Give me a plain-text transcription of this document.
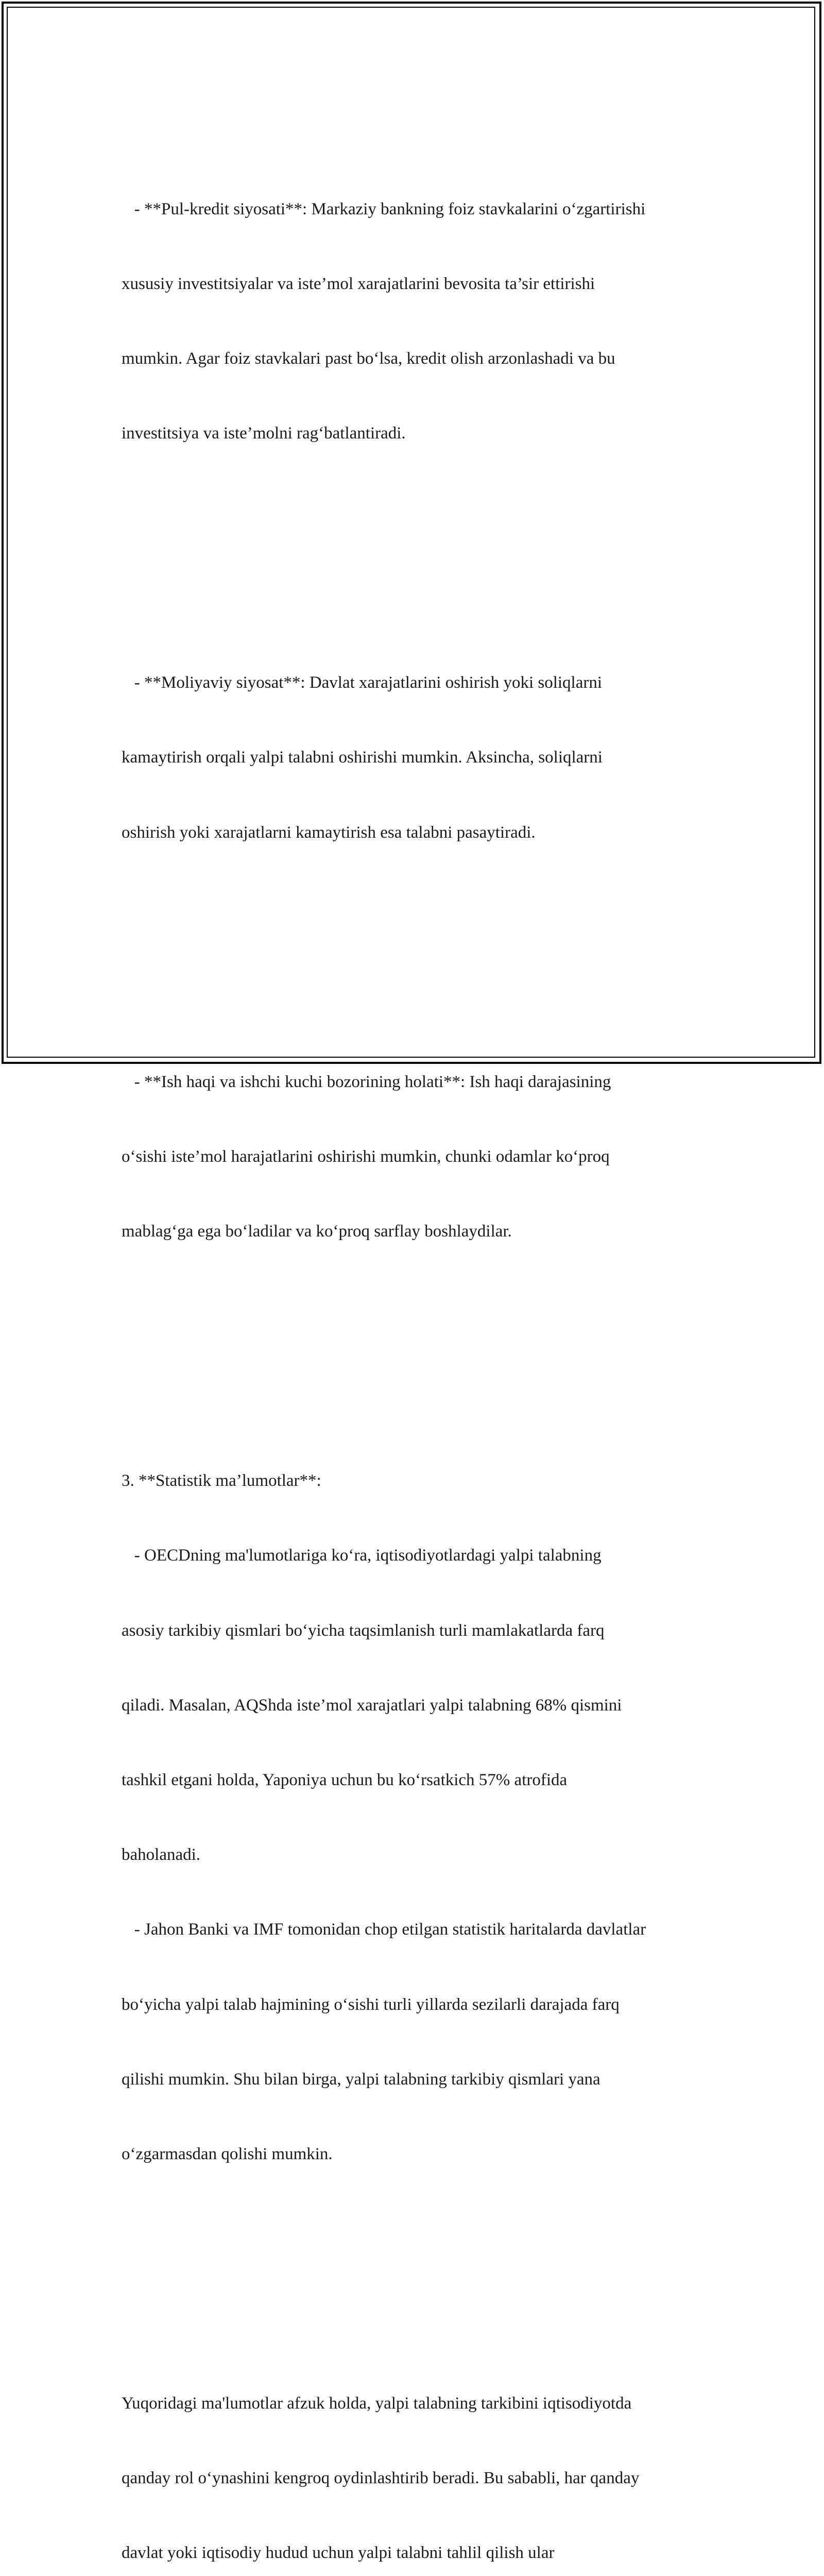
- **Pul-kredit siyosati**: Markaziy bankning foiz stavkalarini o‘zgartirishi

xususiy investitsiyalar va iste’mol xarajatlarini bevosita ta’sir ettirishi

mumkin. Agar foiz stavkalari past bo‘lsa, kredit olish arzonlashadi va bu

investitsiya va iste’molni rag‘batlantiradi.

- **Moliyaviy siyosat**: Davlat xarajatlarini oshirish yoki soliqlarni

kamaytirish orqali yalpi talabni oshirishi mumkin. Aksincha, soliqlarni

oshirish yoki xarajatlarni kamaytirish esa talabni pasaytiradi.

- **Ish haqi va ishchi kuchi bozorining holati**: Ish haqi darajasining

o‘sishi iste’mol harajatlarini oshirishi mumkin, chunki odamlar ko‘proq

mablag‘ga ega bo‘ladilar va ko‘proq sarflay boshlaydilar.

3. **Statistik ma’lumotlar**:

- OECDning ma'lumotlariga ko‘ra, iqtisodiyotlardagi yalpi talabning

asosiy tarkibiy qismlari bo‘yicha taqsimlanish turli mamlakatlarda farq

qiladi. Masalan, AQShda iste’mol xarajatlari yalpi talabning 68% qismini

tashkil etgani holda, Yaponiya uchun bu ko‘rsatkich 57% atrofida

baholanadi.

- Jahon Banki va IMF tomonidan chop etilgan statistik haritalarda davlatlar

bo‘yicha yalpi talab hajmining o‘sishi turli yillarda sezilarli darajada farq

qilishi mumkin. Shu bilan birga, yalpi talabning tarkibiy qismlari yana

o‘zgarmasdan qolishi mumkin.

Yuqoridagi ma'lumotlar afzuk holda, yalpi talabning tarkibini iqtisodiyotda

qanday rol o‘ynashini kengroq oydinlashtirib beradi. Bu sababli, har qanday

davlat yoki iqtisodiy hudud uchun yalpi talabni tahlil qilish ular
